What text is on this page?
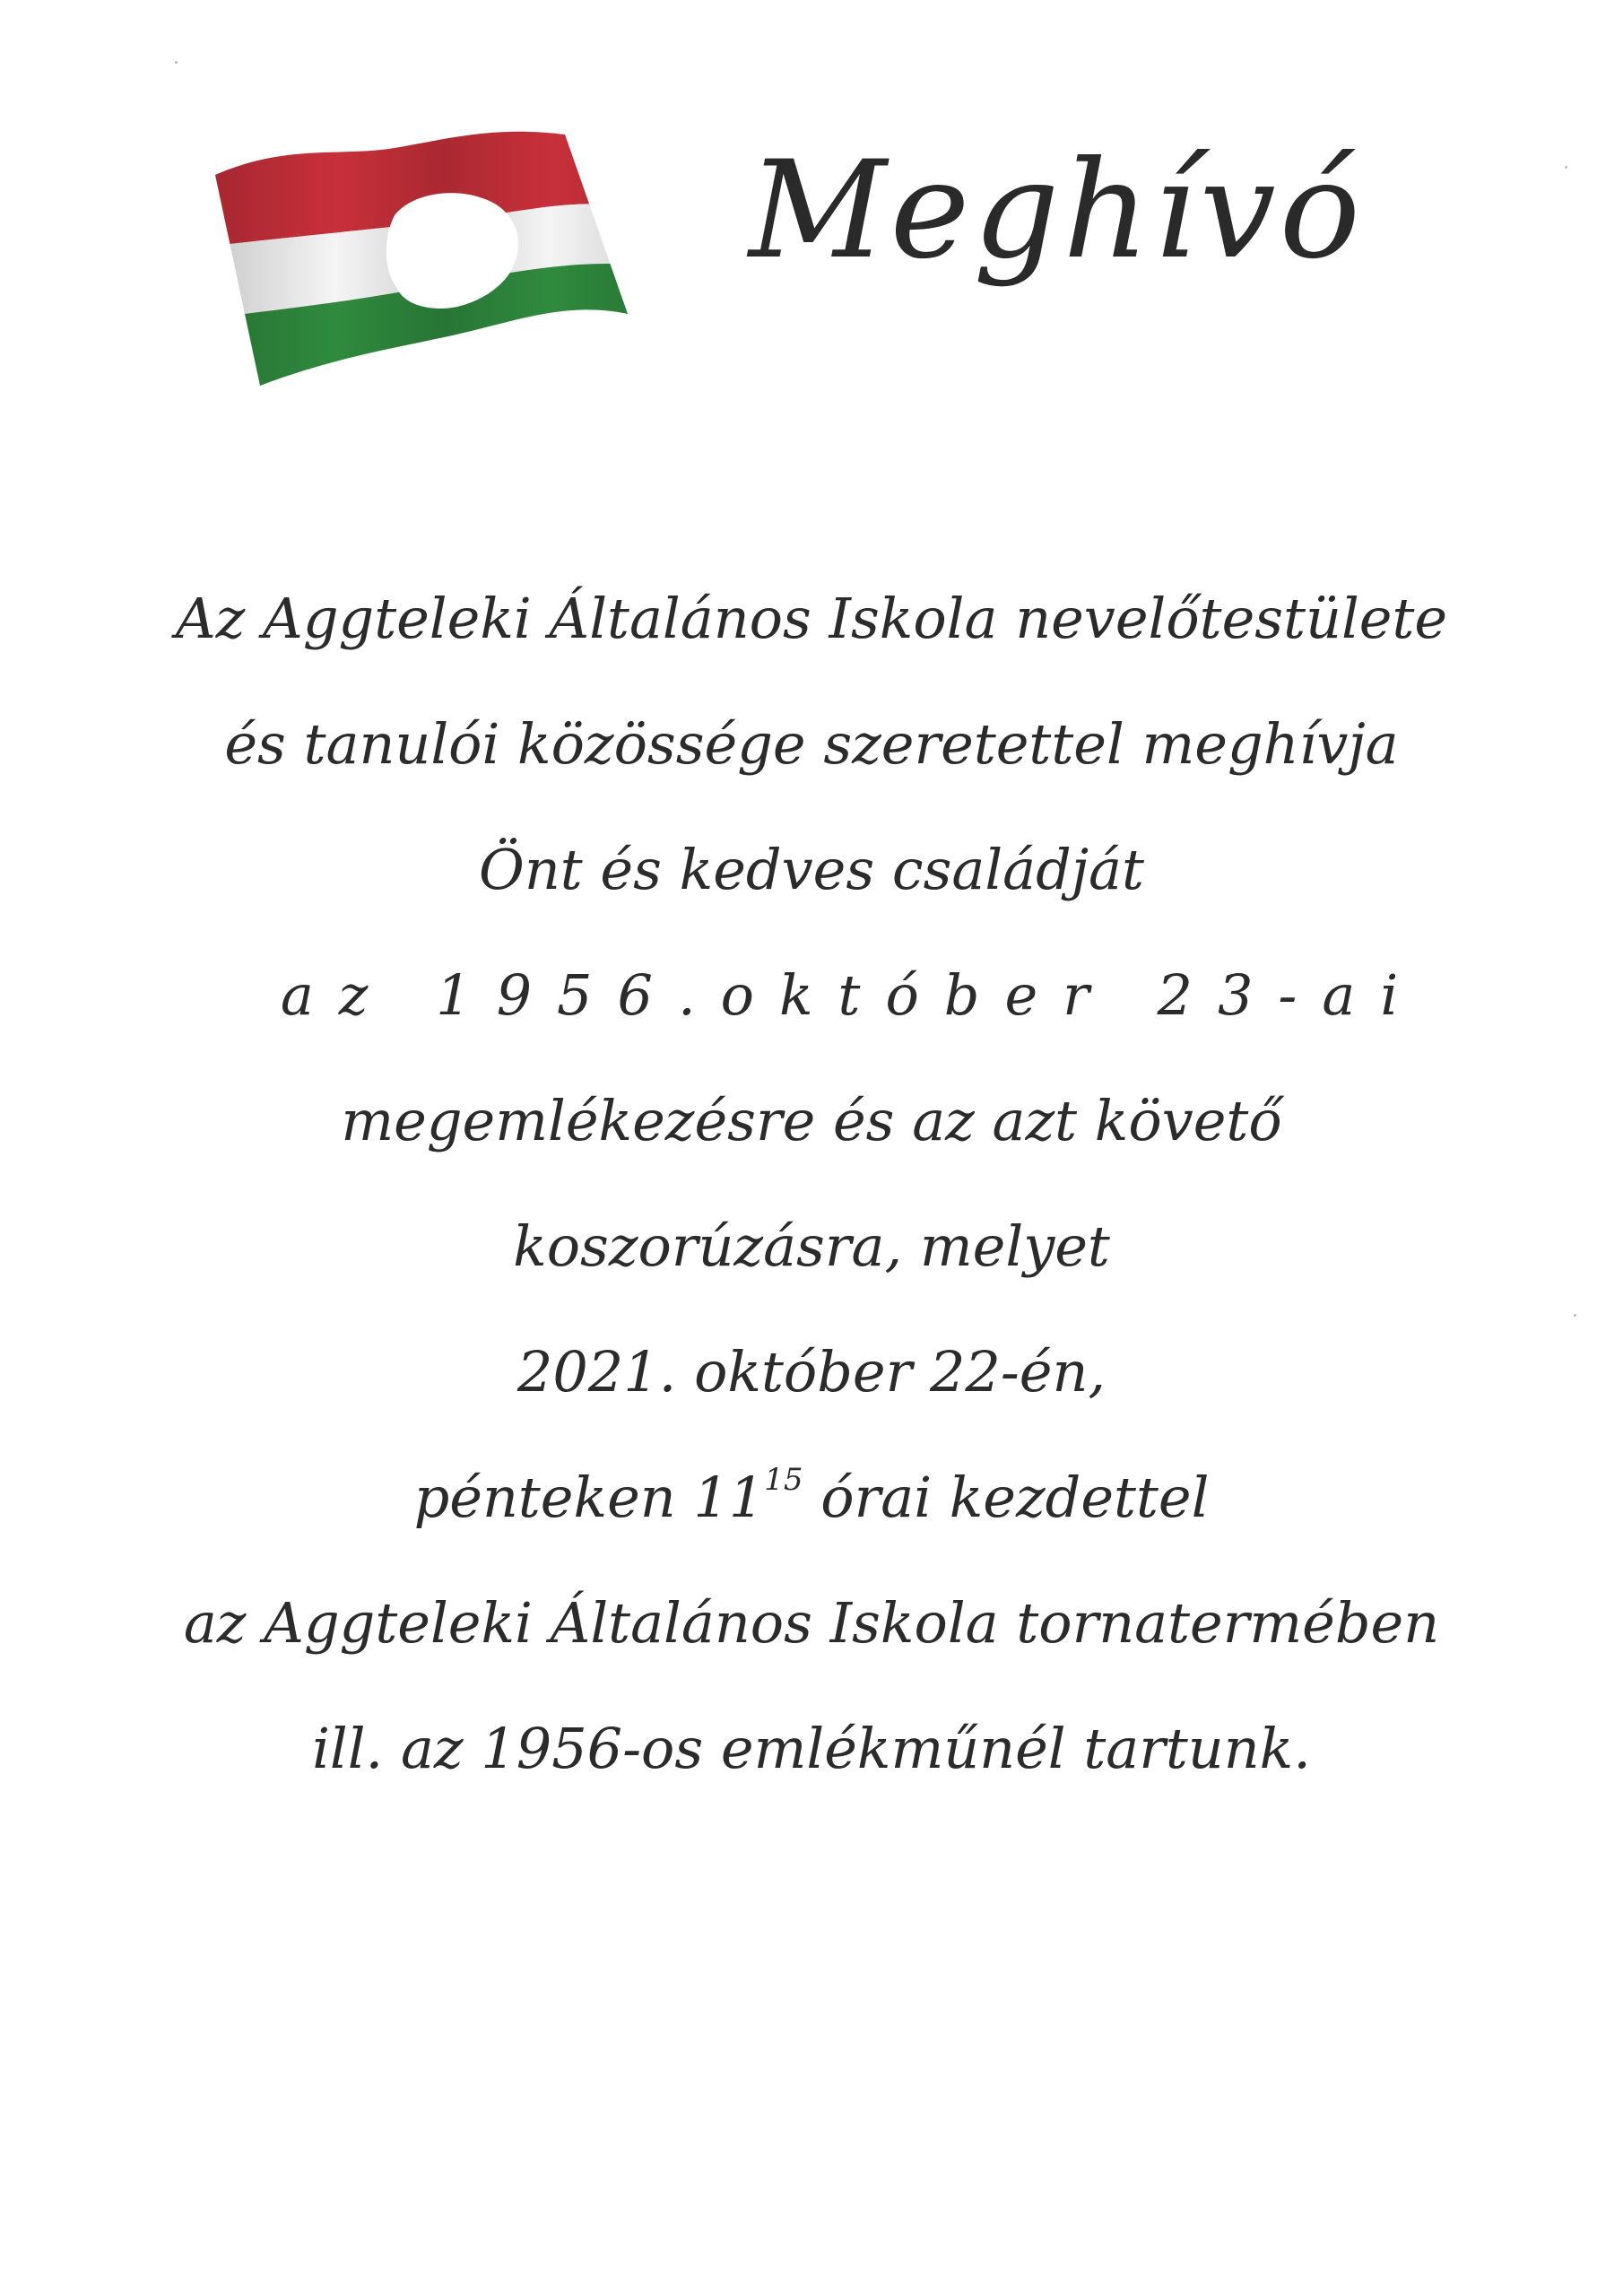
Meghívó
Az Aggteleki Általános Iskola nevelőtestülete
és tanulói közössége szeretettel meghívja
Önt és kedves családját
az 1956.október 23-ai
megemlékezésre és az azt követő
koszorúzásra, melyet
2021. október 22-én,
pénteken $11^{15}$ órai kezdettel
az Aggteleki Általános Iskola tornatermében
ill. az 1956-os emlékműnél tartunk.
